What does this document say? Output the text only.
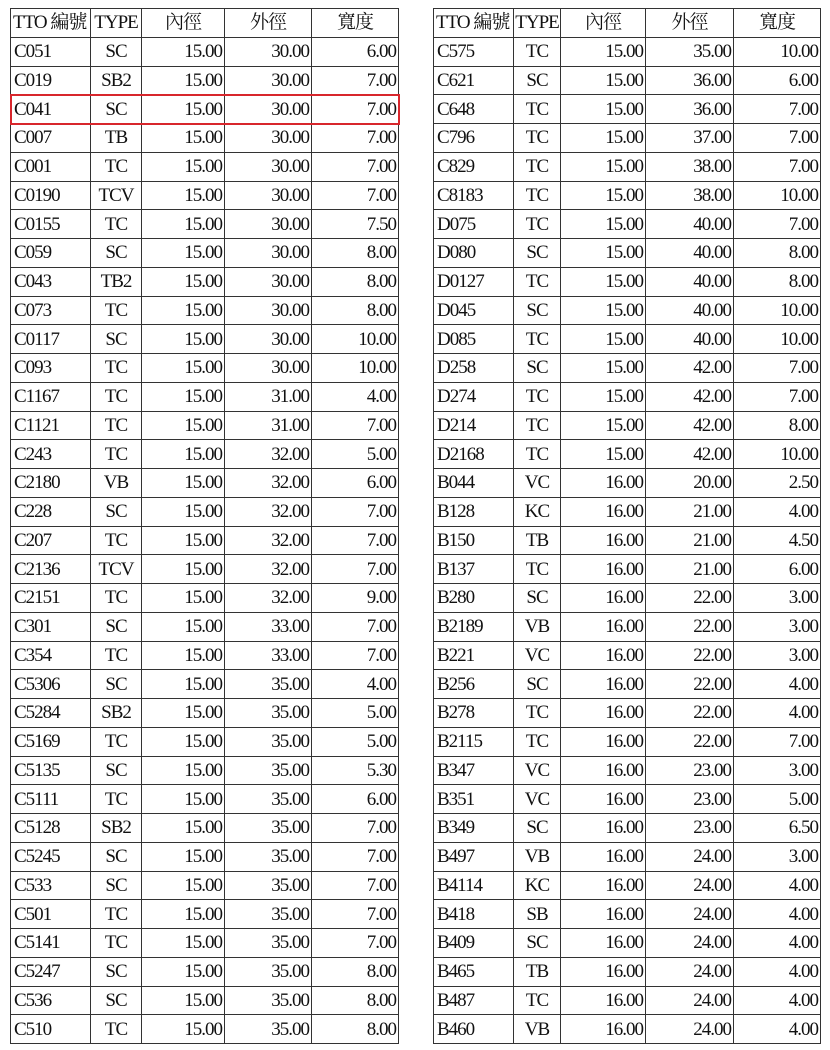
TTO 編號 TYPE	內徑	外徑	寬度
C051	SC	15.00	30.00	6.00
C019	SB2	15.00	30.00	7.00
C041	SC	15.00	30.00	7.00
C007	TB	15.00	30.00	7.00
C001	TC	15.00	30.00	7.00
C0190	TCV	15.00	30.00	7.00
C0155	TC	15.00	30.00	7.50
C059	SC	15.00	30.00	8.00
C043	TB2	15.00	30.00	8.00
C073	TC	15.00	30.00	8.00
C0117	SC	15.00	30.00	10.00
C093	TC	15.00	30.00	10.00
C1167	TC	15.00	31.00	4.00
C1121	TC	15.00	31.00	7.00
C243	TC	15.00	32.00	5.00
C2180	VB	15.00	32.00	6.00
C228	SC	15.00	32.00	7.00
C207	TC	15.00	32.00	7.00
C2136	TCV	15.00	32.00	7.00
C2151	TC	15.00	32.00	9.00
C301	SC	15.00	33.00	7.00
C354	TC	15.00	33.00	7.00
C5306	SC	15.00	35.00	4.00
C5284	SB2	15.00	35.00	5.00
C5169	TC	15.00	35.00	5.00
C5135	SC	15.00	35.00	5.30
C5111	TC	15.00	35.00	6.00
C5128	SB2	15.00	35.00	7.00
C5245	SC	15.00	35.00	7.00
C533	SC	15.00	35.00	7.00
C501	TC	15.00	35.00	7.00
C5141	TC	15.00	35.00	7.00
C5247	SC	15.00	35.00	8.00
C536	SC	15.00	35.00	8.00
C510	TC	15.00	35.00	8.00
TTO 編號 TYPE	內徑	外徑	寬度
C575	TC	15.00	35.00	10.00
C621	SC	15.00	36.00	6.00
C648	TC	15.00	36.00	7.00
C796	TC	15.00	37.00	7.00
C829	TC	15.00	38.00	7.00
C8183	TC	15.00	38.00	10.00
D075	TC	15.00	40.00	7.00
D080	SC	15.00	40.00	8.00
D0127	TC	15.00	40.00	8.00
D045	SC	15.00	40.00	10.00
D085	TC	15.00	40.00	10.00
D258	SC	15.00	42.00	7.00
D274	TC	15.00	42.00	7.00
D214	TC	15.00	42.00	8.00
D2168	TC	15.00	42.00	10.00
B044	VC	16.00	20.00	2.50
B128	KC	16.00	21.00	4.00
B150	TB	16.00	21.00	4.50
B137	TC	16.00	21.00	6.00
B280	SC	16.00	22.00	3.00
B2189	VB	16.00	22.00	3.00
B221	VC	16.00	22.00	3.00
B256	SC	16.00	22.00	4.00
B278	TC	16.00	22.00	4.00
B2115	TC	16.00	22.00	7.00
B347	VC	16.00	23.00	3.00
B351	VC	16.00	23.00	5.00
B349	SC	16.00	23.00	6.50
B497	VB	16.00	24.00	3.00
B4114	KC	16.00	24.00	4.00
B418	SB	16.00	24.00	4.00
B409	SC	16.00	24.00	4.00
B465	TB	16.00	24.00	4.00
B487	TC	16.00	24.00	4.00
B460	VB	16.00	24.00	4.00
